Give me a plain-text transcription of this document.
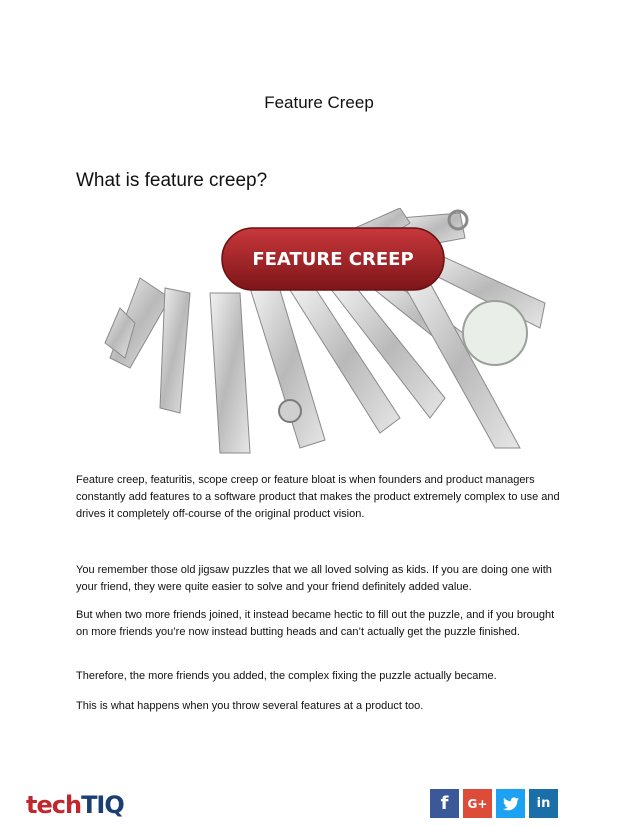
Feature Creep
What is feature creep?
FEATURE CREEP

Feature creep, featuritis, scope creep or feature bloat is when founders and product managers constantly add features to a software product that makes the product extremely complex to use and drives it completely off-course of the original product vision.

You remember those old jigsaw puzzles that we all loved solving as kids. If you are doing one with your friend, they were quite easier to solve and your friend definitely added value.

But when two more friends joined, it instead became hectic to fill out the puzzle, and if you brought on more friends you’re now instead butting heads and can’t actually get the puzzle finished.

Therefore, the more friends you added, the complex fixing the puzzle actually became.

This is what happens when you throw several features at a product too.

techTIQ	f	G+	in
